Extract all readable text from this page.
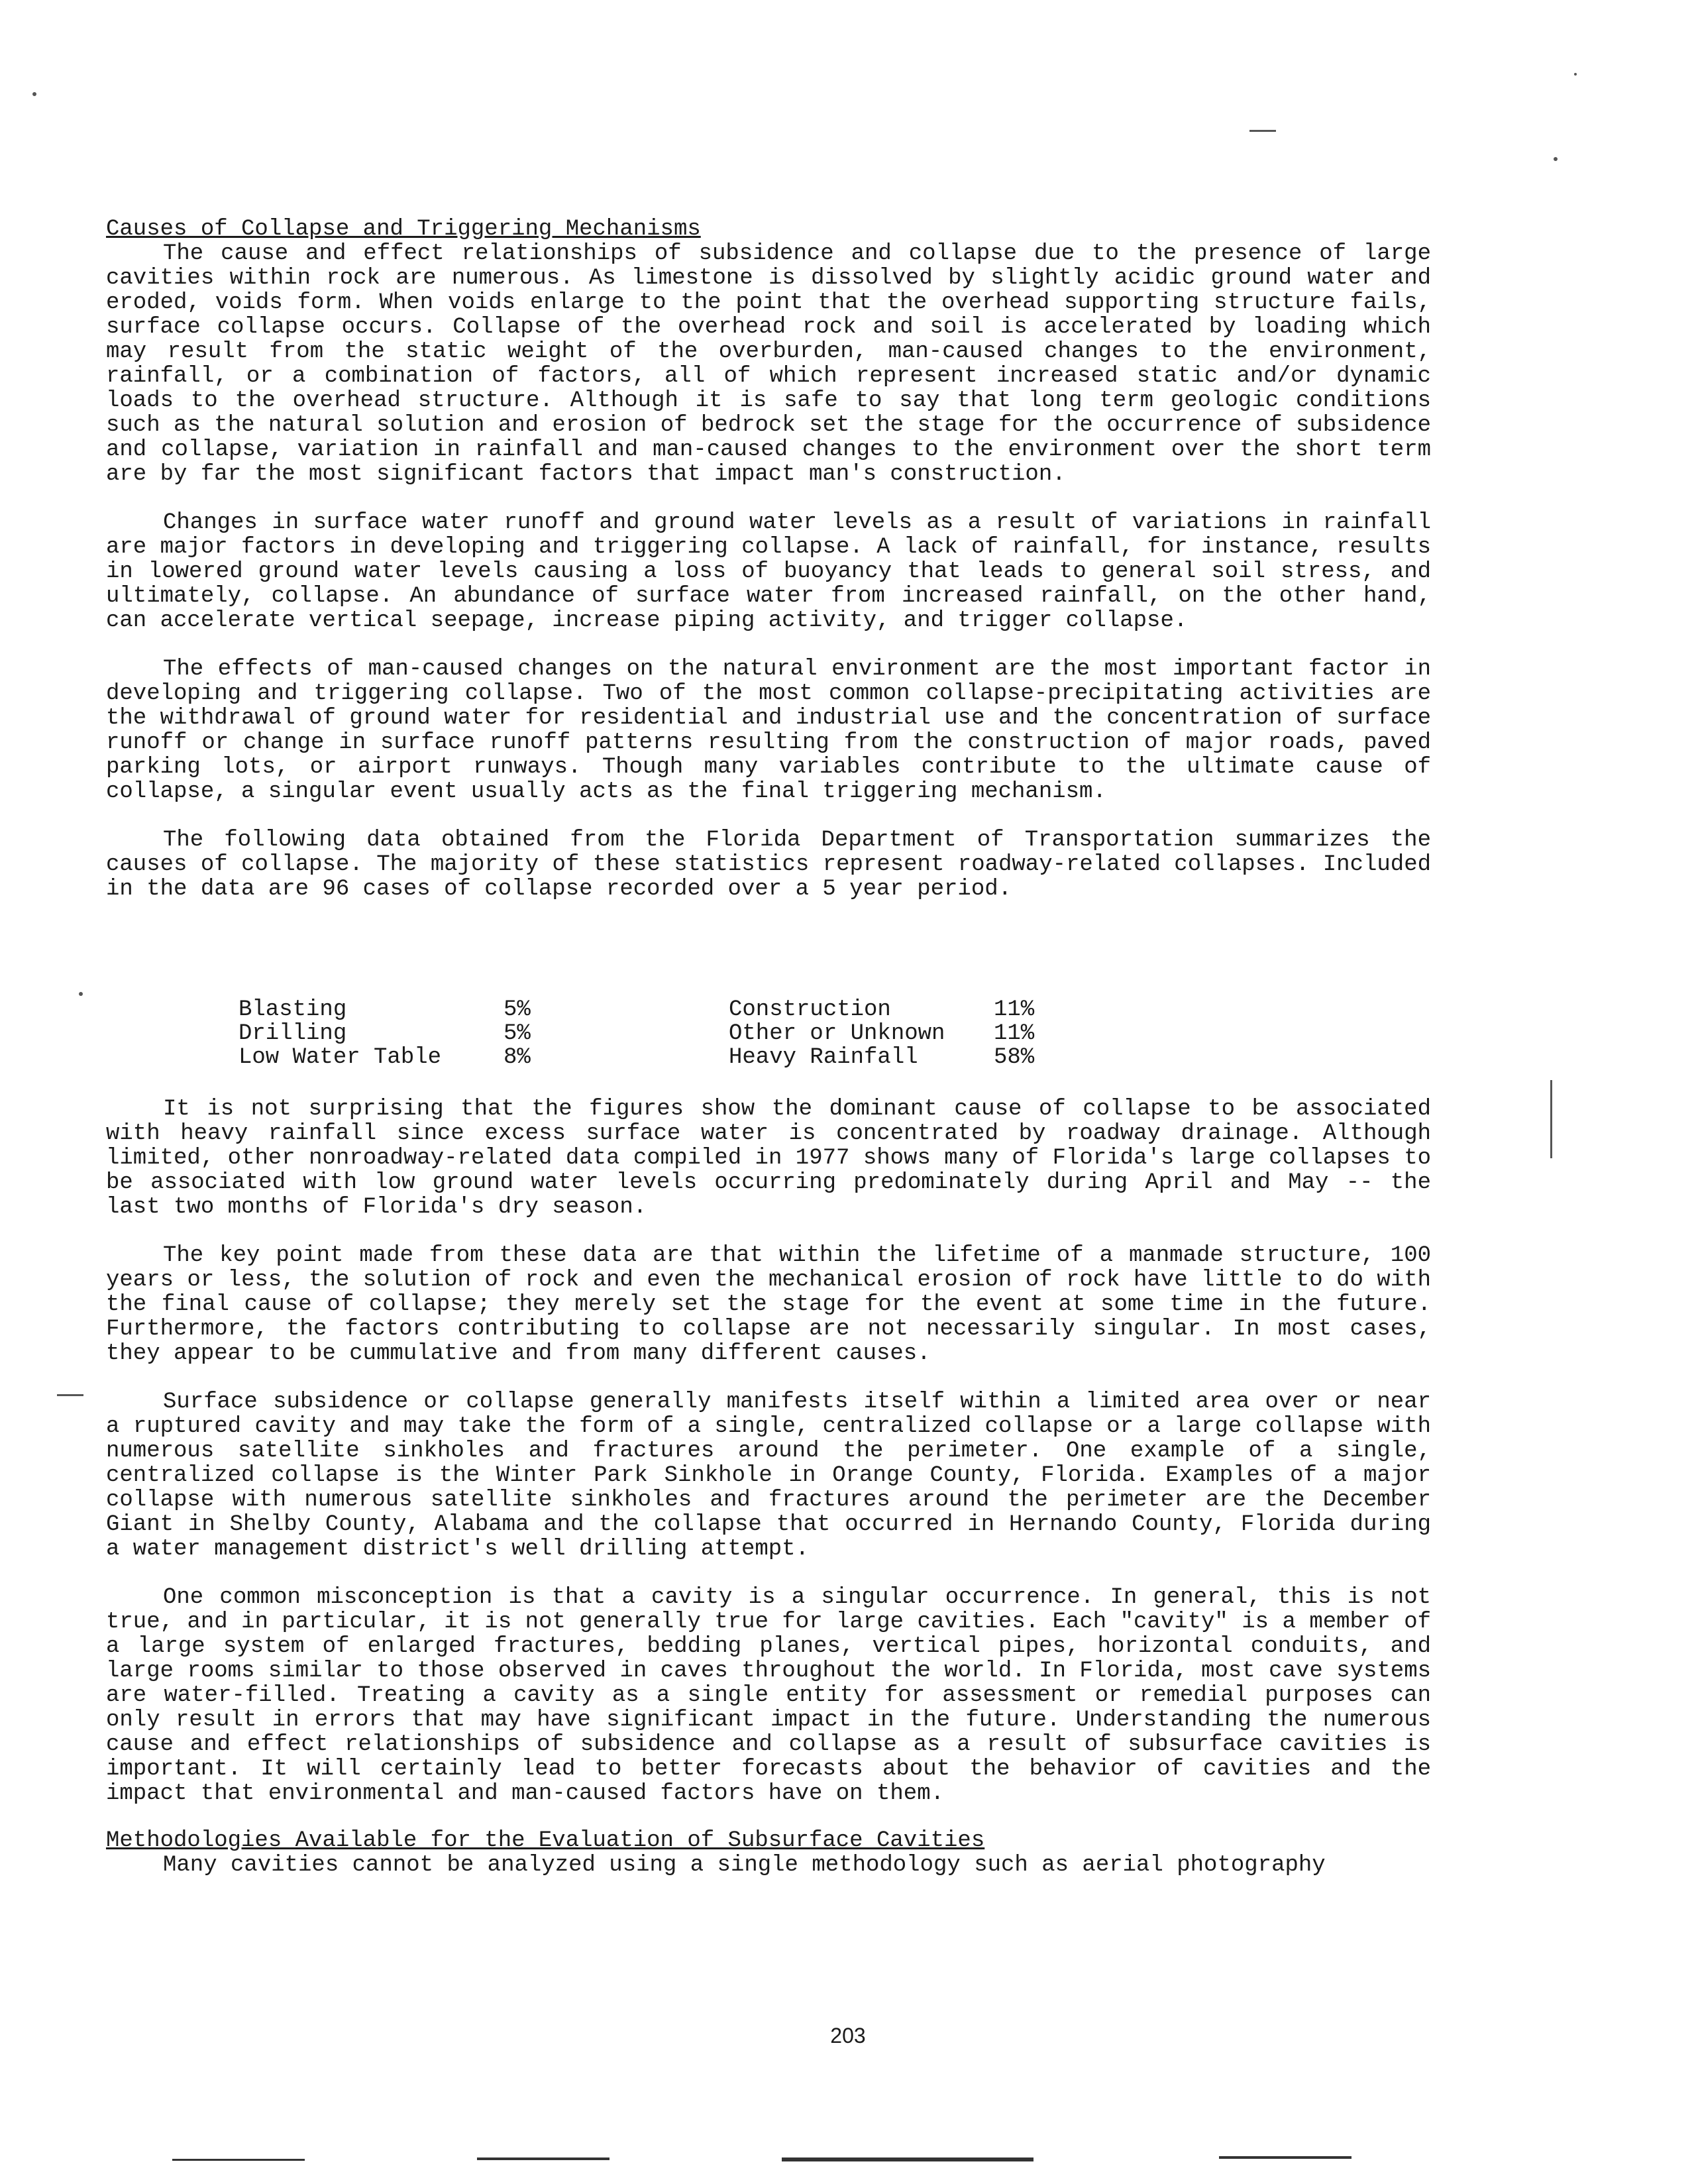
Causes of Collapse and Triggering Mechanisms

The cause and effect relationships of subsidence and collapse due to the presence of large cavities within rock are numerous. As limestone is dissolved by slightly acidic ground water and eroded, voids form. When voids enlarge to the point that the overhead supporting structure fails, surface collapse occurs. Collapse of the overhead rock and soil is accelerated by loading which may result from the static weight of the overburden, man-caused changes to the environment, rainfall, or a combination of factors, all of which represent increased static and/or dynamic loads to the overhead structure. Although it is safe to say that long term geologic conditions such as the natural solution and erosion of bedrock set the stage for the occurrence of subsidence and collapse, variation in rainfall and man-caused changes to the environment over the short term are by far the most significant factors that impact man's construction.

Changes in surface water runoff and ground water levels as a result of variations in rainfall are major factors in developing and triggering collapse. A lack of rainfall, for instance, results in lowered ground water levels causing a loss of buoyancy that leads to general soil stress, and ultimately, collapse. An abundance of surface water from increased rainfall, on the other hand, can accelerate vertical seepage, increase piping activity, and trigger collapse.

The effects of man-caused changes on the natural environment are the most important factor in developing and triggering collapse. Two of the most common collapse-precipitating activities are the withdrawal of ground water for residential and industrial use and the concentration of surface runoff or change in surface runoff patterns resulting from the construction of major roads, paved parking lots, or airport runways. Though many variables contribute to the ultimate cause of collapse, a singular event usually acts as the final triggering mechanism.

The following data obtained from the Florida Department of Transportation summarizes the causes of collapse. The majority of these statistics represent roadway-related collapses. Included in the data are 96 cases of collapse recorded over a 5 year period.

Blasting	5%	Construction	11%
Drilling	5%	Other or Unknown	11%
Low Water Table	8%	Heavy Rainfall	58%

It is not surprising that the figures show the dominant cause of collapse to be associated with heavy rainfall since excess surface water is concentrated by roadway drainage. Although limited, other nonroadway-related data compiled in 1977 shows many of Florida's large collapses to be associated with low ground water levels occurring predominately during April and May -- the last two months of Florida's dry season.

The key point made from these data are that within the lifetime of a manmade structure, 100 years or less, the solution of rock and even the mechanical erosion of rock have little to do with the final cause of collapse; they merely set the stage for the event at some time in the future. Furthermore, the factors contributing to collapse are not necessarily singular. In most cases, they appear to be cummulative and from many different causes.

Surface subsidence or collapse generally manifests itself within a limited area over or near a ruptured cavity and may take the form of a single, centralized collapse or a large collapse with numerous satellite sinkholes and fractures around the perimeter. One example of a single, centralized collapse is the Winter Park Sinkhole in Orange County, Florida. Examples of a major collapse with numerous satellite sinkholes and fractures around the perimeter are the December Giant in Shelby County, Alabama and the collapse that occurred in Hernando County, Florida during a water management district's well drilling attempt.

One common misconception is that a cavity is a singular occurrence. In general, this is not true, and in particular, it is not generally true for large cavities. Each "cavity" is a member of a large system of enlarged fractures, bedding planes, vertical pipes, horizontal conduits, and large rooms similar to those observed in caves throughout the world. In Florida, most cave systems are water-filled. Treating a cavity as a single entity for assessment or remedial purposes can only result in errors that may have significant impact in the future. Understanding the numerous cause and effect relationships of subsidence and collapse as a result of subsurface cavities is important. It will certainly lead to better forecasts about the behavior of cavities and the impact that environmental and man-caused factors have on them.

Methodologies Available for the Evaluation of Subsurface Cavities

Many cavities cannot be analyzed using a single methodology such as aerial photography

203
